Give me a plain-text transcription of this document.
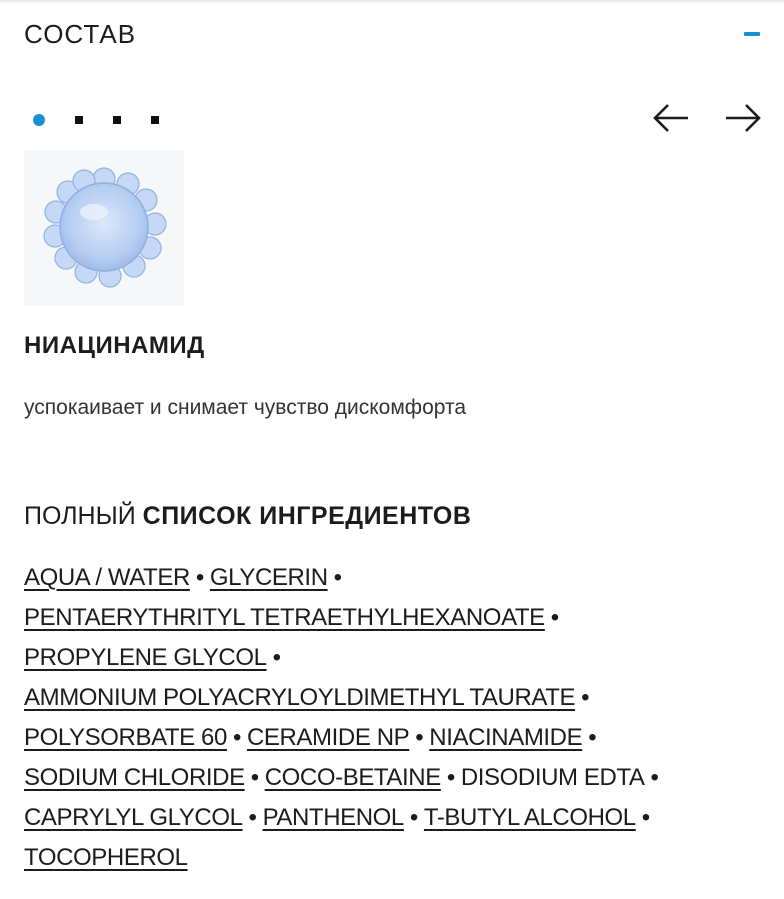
СОСТАВ
НИАЦИНАМИД
успокаивает и снимает чувство дискомфорта
ПОЛНЫЙ СПИСОК ИНГРЕДИЕНТОВ
AQUA / WATER • GLYCERIN •
PENTAERYTHRITYL TETRAETHYLHEXANOATE •
PROPYLENE GLYCOL •
AMMONIUM POLYACRYLOYLDIMETHYL TAURATE •
POLYSORBATE 60 • CERAMIDE NP • NIACINAMIDE •
SODIUM CHLORIDE • COCO-BETAINE • DISODIUM EDTA •
CAPRYLYL GLYCOL • PANTHENOL • T-BUTYL ALCOHOL •
TOCOPHEROL
